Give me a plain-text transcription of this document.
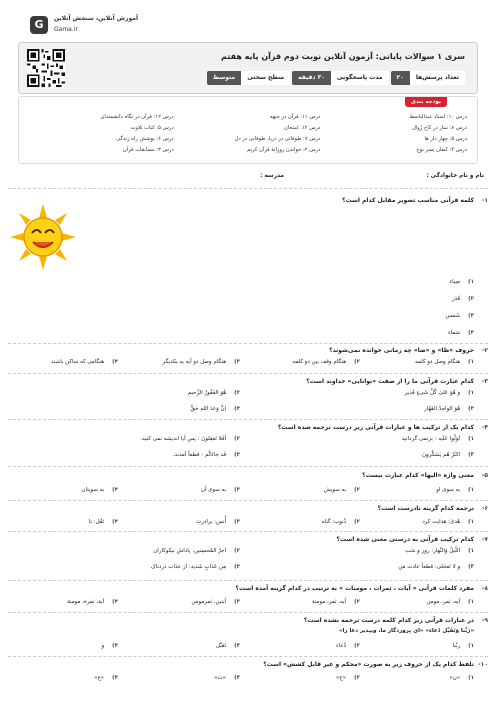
G	آموزش آنلاین، سنجش آنلاین
Gama.ir
سری ۱ سوالات پایانی: آزمون آنلاین نوبت دوم قرآن پایه هفتم
تعداد پرسش‌ها
۲۰
مدت پاسخگویی
۳۰ دقیقه
سطح سختی
متوسط
بودجه بندی
درس ۱۰: استاد عبدالباسط
درس ۱۱: قرآن در جبهه
درس ۱۲: قرآن در نگاه دانشمندان
درس ۸: نماز در کاخ زُوال
درس ۱۲: امتحان
درس ۵: کتاب تلاوت
درس ۵: چهار دار ها
درس ۷: طوفانی در دریا، طوفانی در دل
درس ۶: پوشش راه زندگی
درس ۴: کنعان پسر نوح
درس ۲: خواندن روزانهٔ قرآن کریم
درس ۳: مسابقات قرآن
نام و نام خانوادگی :
مدرسه :
۱-
کلمه قرآنی مناسب تصویر مقابل کدام است؟
۱)ضِیاء
۲)قَدَر
۳)شَمس
۴)سَماء
۲-
حروف «ظا» و «ضا» چه زمانی خوانده نمی‌شوند؟
۱)هنگام وصل دو کلمه
۲)هنگام وقف بین دو کلمه
۳)هنگام وصل دو آیه به یکدیگر
۴)هنگامی که ساکن باشند
۳-
کدام عبارت قرآنی ما را از صفت «توانایی» خداوند است؟
۱)و هُوَ عَلیٰ كُلِّ شَیءٍ قَدیر
۲)هُوَ الغَفُورُ الرَّحیم
۳)هُوَ الواحِدُ القَهّار
۴)إنَّ وَعدَ اللهِ حَقٌّ
۴-
کدام یک از ترکیب ها و عبارات قرآنی زیر درست ترجمه شده است؟
۱)تُوَلّوا عَلَیه : برنمی گردانید
۲)أفَلا تَعقِلونَ : پس آیا اندیشه نمی کنید.
۳)اکثَرُ هُم یَشکُرونَ
۴)قَد جاءَكُم : قطعاً آمدند.
۵-
معنی واژه «الیها» کدام عبارت نیست؟
۱)به سوی او
۲)به سویش
۳)به سوی آن
۴)به سویتان
۶-
ترجمه کدام گزینه نادرست است؟
۱)هُدیٰ: هدایت کرد
۲)ذُنوب: گناه
۳)أُنس: برادرت
۴)تَقُل: تا
۷-
کدام ترکیب قرآنی به درستی معنی شده است؟
۱)اَللّیلُ وَالنَّهار: روز و شب
۲)اَجرُ المُحسِنین: پاداش نیکوکاران
۳)و لا تَعجَلی: قطعاً عادت مَن
۴)مِن عَذابٍ شَدید: از عذاب دردناک
۸-
مفرد کلمات قرآنی « آیات ، ثمرات ، مومنات » به ترتیب در کدام گزینه آمده است؟
۱)آیه، ثمر، مومن
۲)آیه، ثمر، مومنة
۳)آیتین، ثمرمومن
۴)آیة، ثمرة، مومنة
۹-
در عبارات قرآنی زیر کدام کلمه درست ترجمه نشده است؟
«رَبَّنا وَتَقَبَّل دُعاء» «ای پروردگار ما، وبپذیر دعا را»
۱)ربّنا
۲)دُعاء
۳)تَقَبَّل
۴)و
۱۰-
تلفظ کدام یک از حروف زیر به صورت «محکم و غیر قابل کشش» است؟
۱)«ن»
۲)«ج»
۳)«ت»
۴)«ع»
